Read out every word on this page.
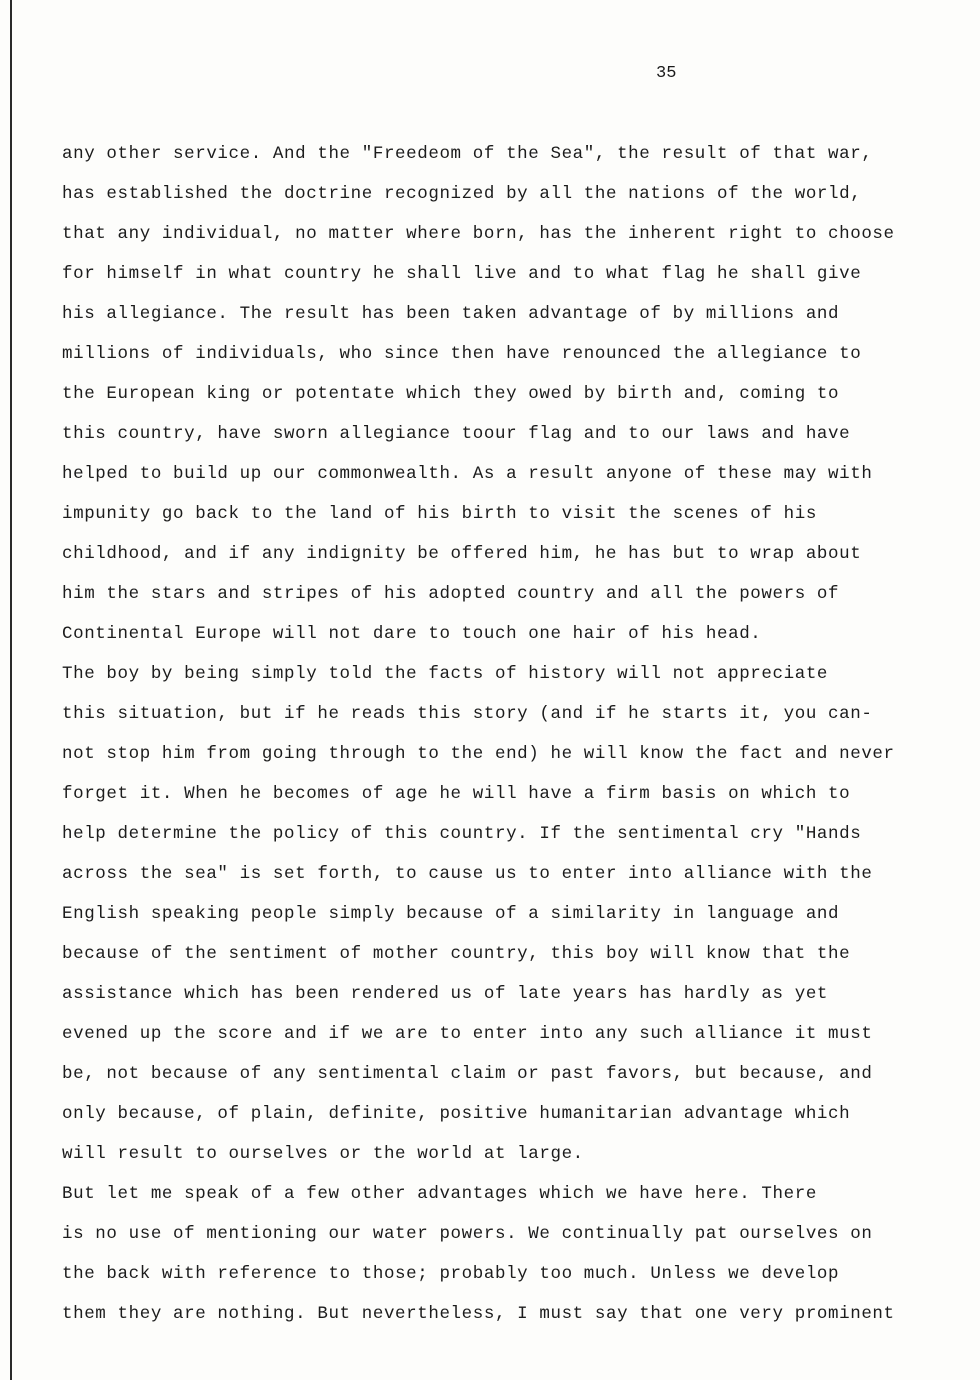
35
any other service. And the "Freedeom of the Sea", the result of that war,
has established the doctrine recognized by all the nations of the world,
that any individual, no matter where born, has the inherent right to choose
for himself in what country he shall live and to what flag he shall give
his allegiance. The result has been taken advantage of by millions and
millions of individuals, who since then have renounced the allegiance to
the European king or potentate which they owed by birth and, coming to
this country, have sworn allegiance toour flag and to our laws and have
helped to build up our commonwealth. As a result anyone of these may with
impunity go back to the land of his birth to visit the scenes of his
childhood, and if any indignity be offered him, he has but to wrap about
him the stars and stripes of his adopted country and all the powers of
Continental Europe will not dare to touch one hair of his head.
The boy by being simply told the facts of history will not appreciate
this situation, but if he reads this story (and if he starts it, you can-
not stop him from going through to the end) he will know the fact and never
forget it. When he becomes of age he will have a firm basis on which to
help determine the policy of this country. If the sentimental cry "Hands
across the sea" is set forth, to cause us to enter into alliance with the
English speaking people simply because of a similarity in language and
because of the sentiment of mother country, this boy will know that the
assistance which has been rendered us of late years has hardly as yet
evened up the score and if we are to enter into any such alliance it must
be, not because of any sentimental claim or past favors, but because, and
only because, of plain, definite, positive humanitarian advantage which
will result to ourselves or the world at large.
But let me speak of a few other advantages which we have here. There
is no use of mentioning our water powers. We continually pat ourselves on
the back with reference to those; probably too much. Unless we develop
them they are nothing. But nevertheless, I must say that one very prominent
